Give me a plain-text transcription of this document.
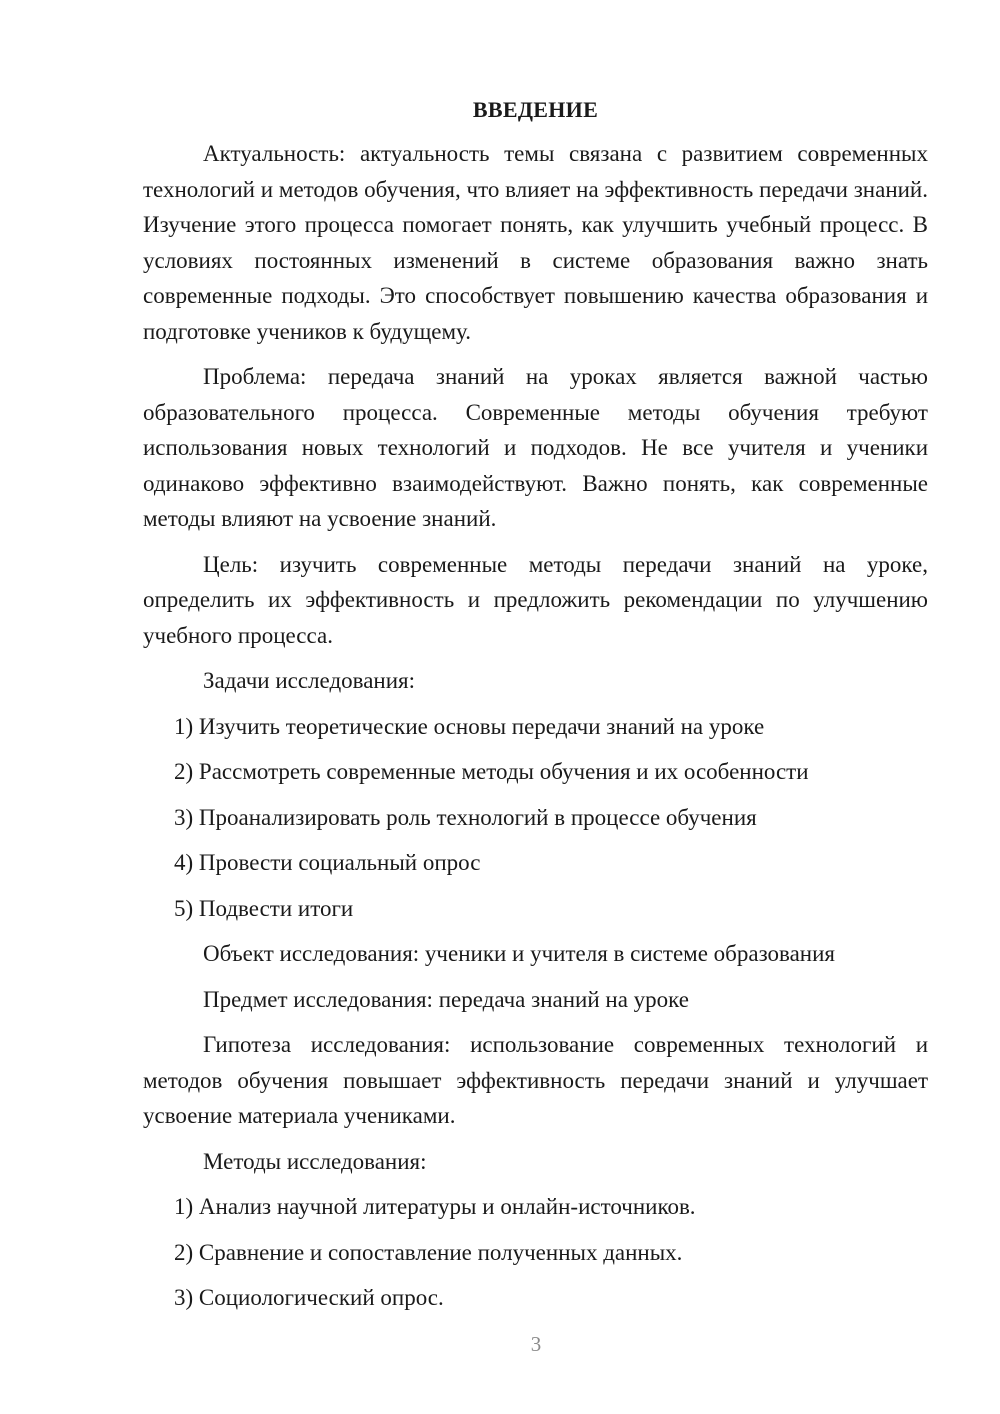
ВВЕДЕНИЕ

Актуальность: актуальность темы связана с развитием современных технологий и методов обучения, что влияет на эффективность передачи знаний. Изучение этого процесса помогает понять, как улучшить учебный процесс. В условиях постоянных изменений в системе образования важно знать современные подходы. Это способствует повышению качества образования и подготовке учеников к будущему.

Проблема: передача знаний на уроках является важной частью образовательного процесса. Современные методы обучения требуют использования новых технологий и подходов. Не все учителя и ученики одинаково эффективно взаимодействуют. Важно понять, как современные методы влияют на усвоение знаний.

Цель: изучить современные методы передачи знаний на уроке, определить их эффективность и предложить рекомендации по улучшению учебного процесса.

Задачи исследования:

1) Изучить теоретические основы передачи знаний на уроке
2) Рассмотреть современные методы обучения и их особенности
3) Проанализировать роль технологий в процессе обучения
4) Провести социальный опрос
5) Подвести итоги

Объект исследования: ученики и учителя в системе образования

Предмет исследования: передача знаний на уроке

Гипотеза исследования: использование современных технологий и методов обучения повышает эффективность передачи знаний и улучшает усвоение материала учениками.

Методы исследования:

1) Анализ научной литературы и онлайн-источников.
2) Сравнение и сопоставление полученных данных.
3) Социологический опрос.
3
